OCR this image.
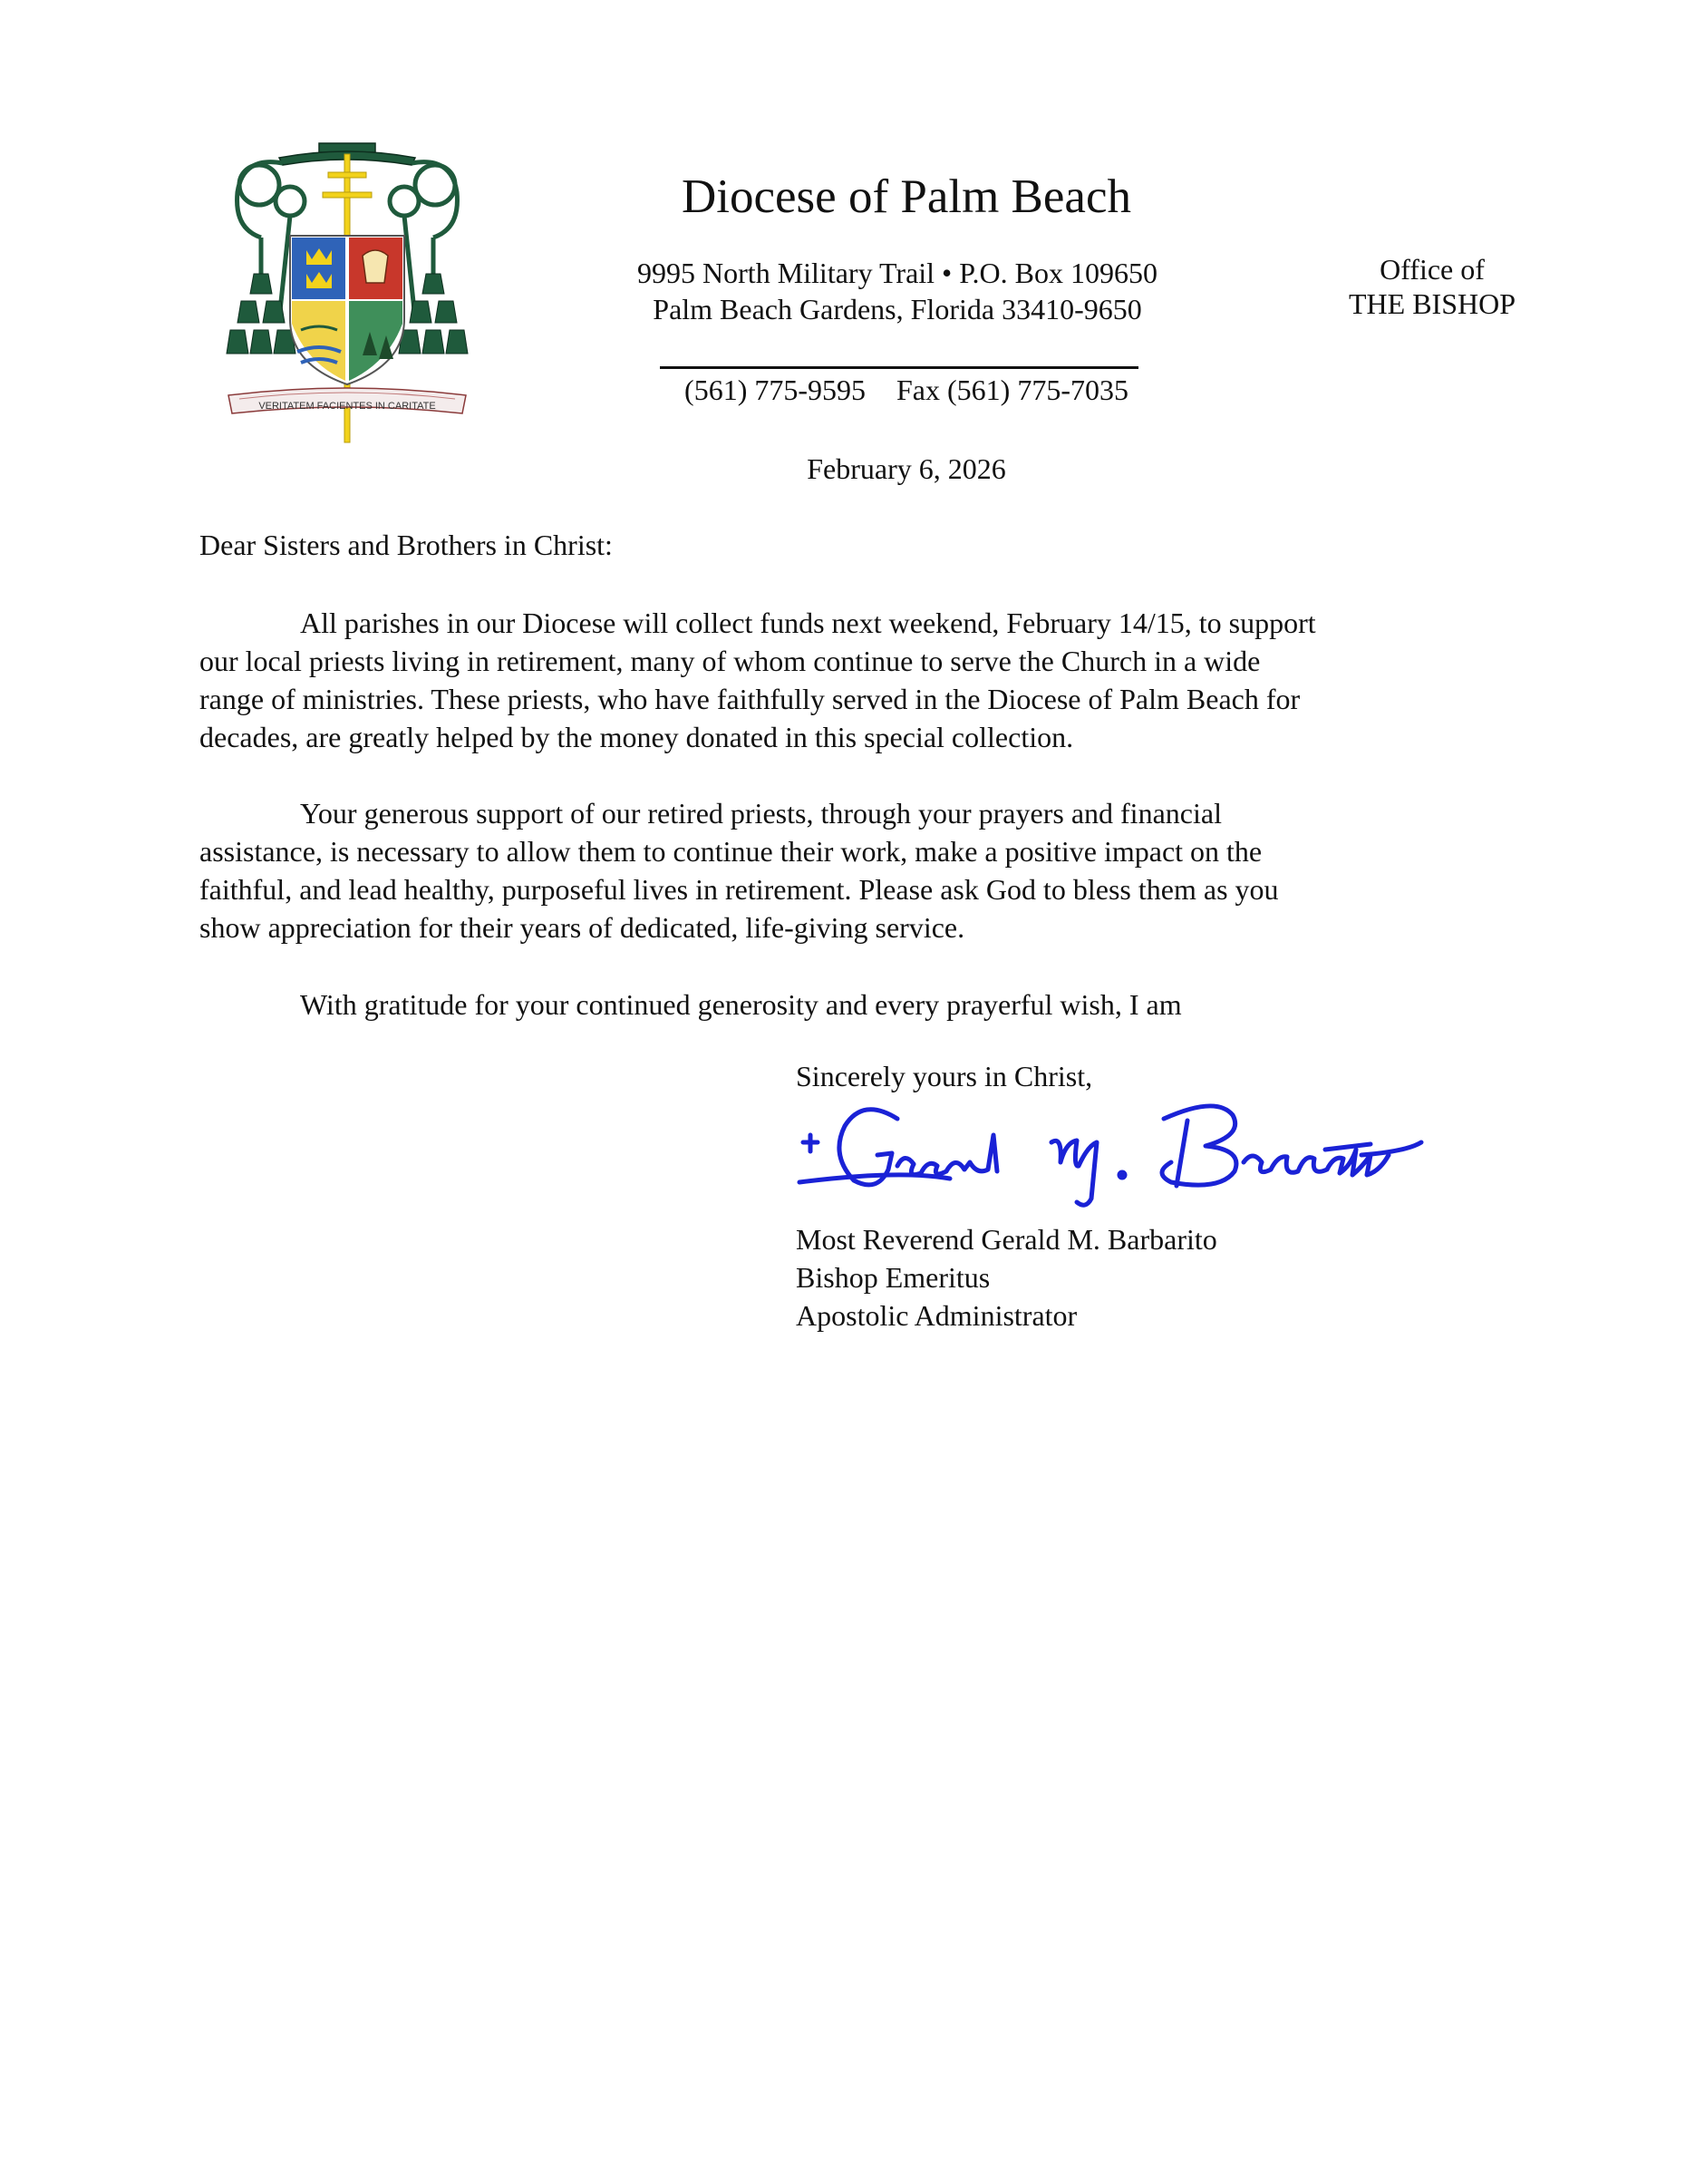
VERITATEM FACIENTES IN CARITATE
Diocese of Palm Beach
9995 North Military Trail • P.O. Box 109650
Palm Beach Gardens, Florida 33410-9650
(561) 775-9595 Fax (561) 775-7035
Office of
THE BISHOP
February 6, 2026
Dear Sisters and Brothers in Christ:
All parishes in our Diocese will collect funds next weekend, February 14/15, to support
our local priests living in retirement, many of whom continue to serve the Church in a wide
range of ministries. These priests, who have faithfully served in the Diocese of Palm Beach for
decades, are greatly helped by the money donated in this special collection.
Your generous support of our retired priests, through your prayers and financial
assistance, is necessary to allow them to continue their work, make a positive impact on the
faithful, and lead healthy, purposeful lives in retirement. Please ask God to bless them as you
show appreciation for their years of dedicated, life-giving service.
With gratitude for your continued generosity and every prayerful wish, I am
Sincerely yours in Christ,
Most Reverend Gerald M. Barbarito
Bishop Emeritus
Apostolic Administrator
